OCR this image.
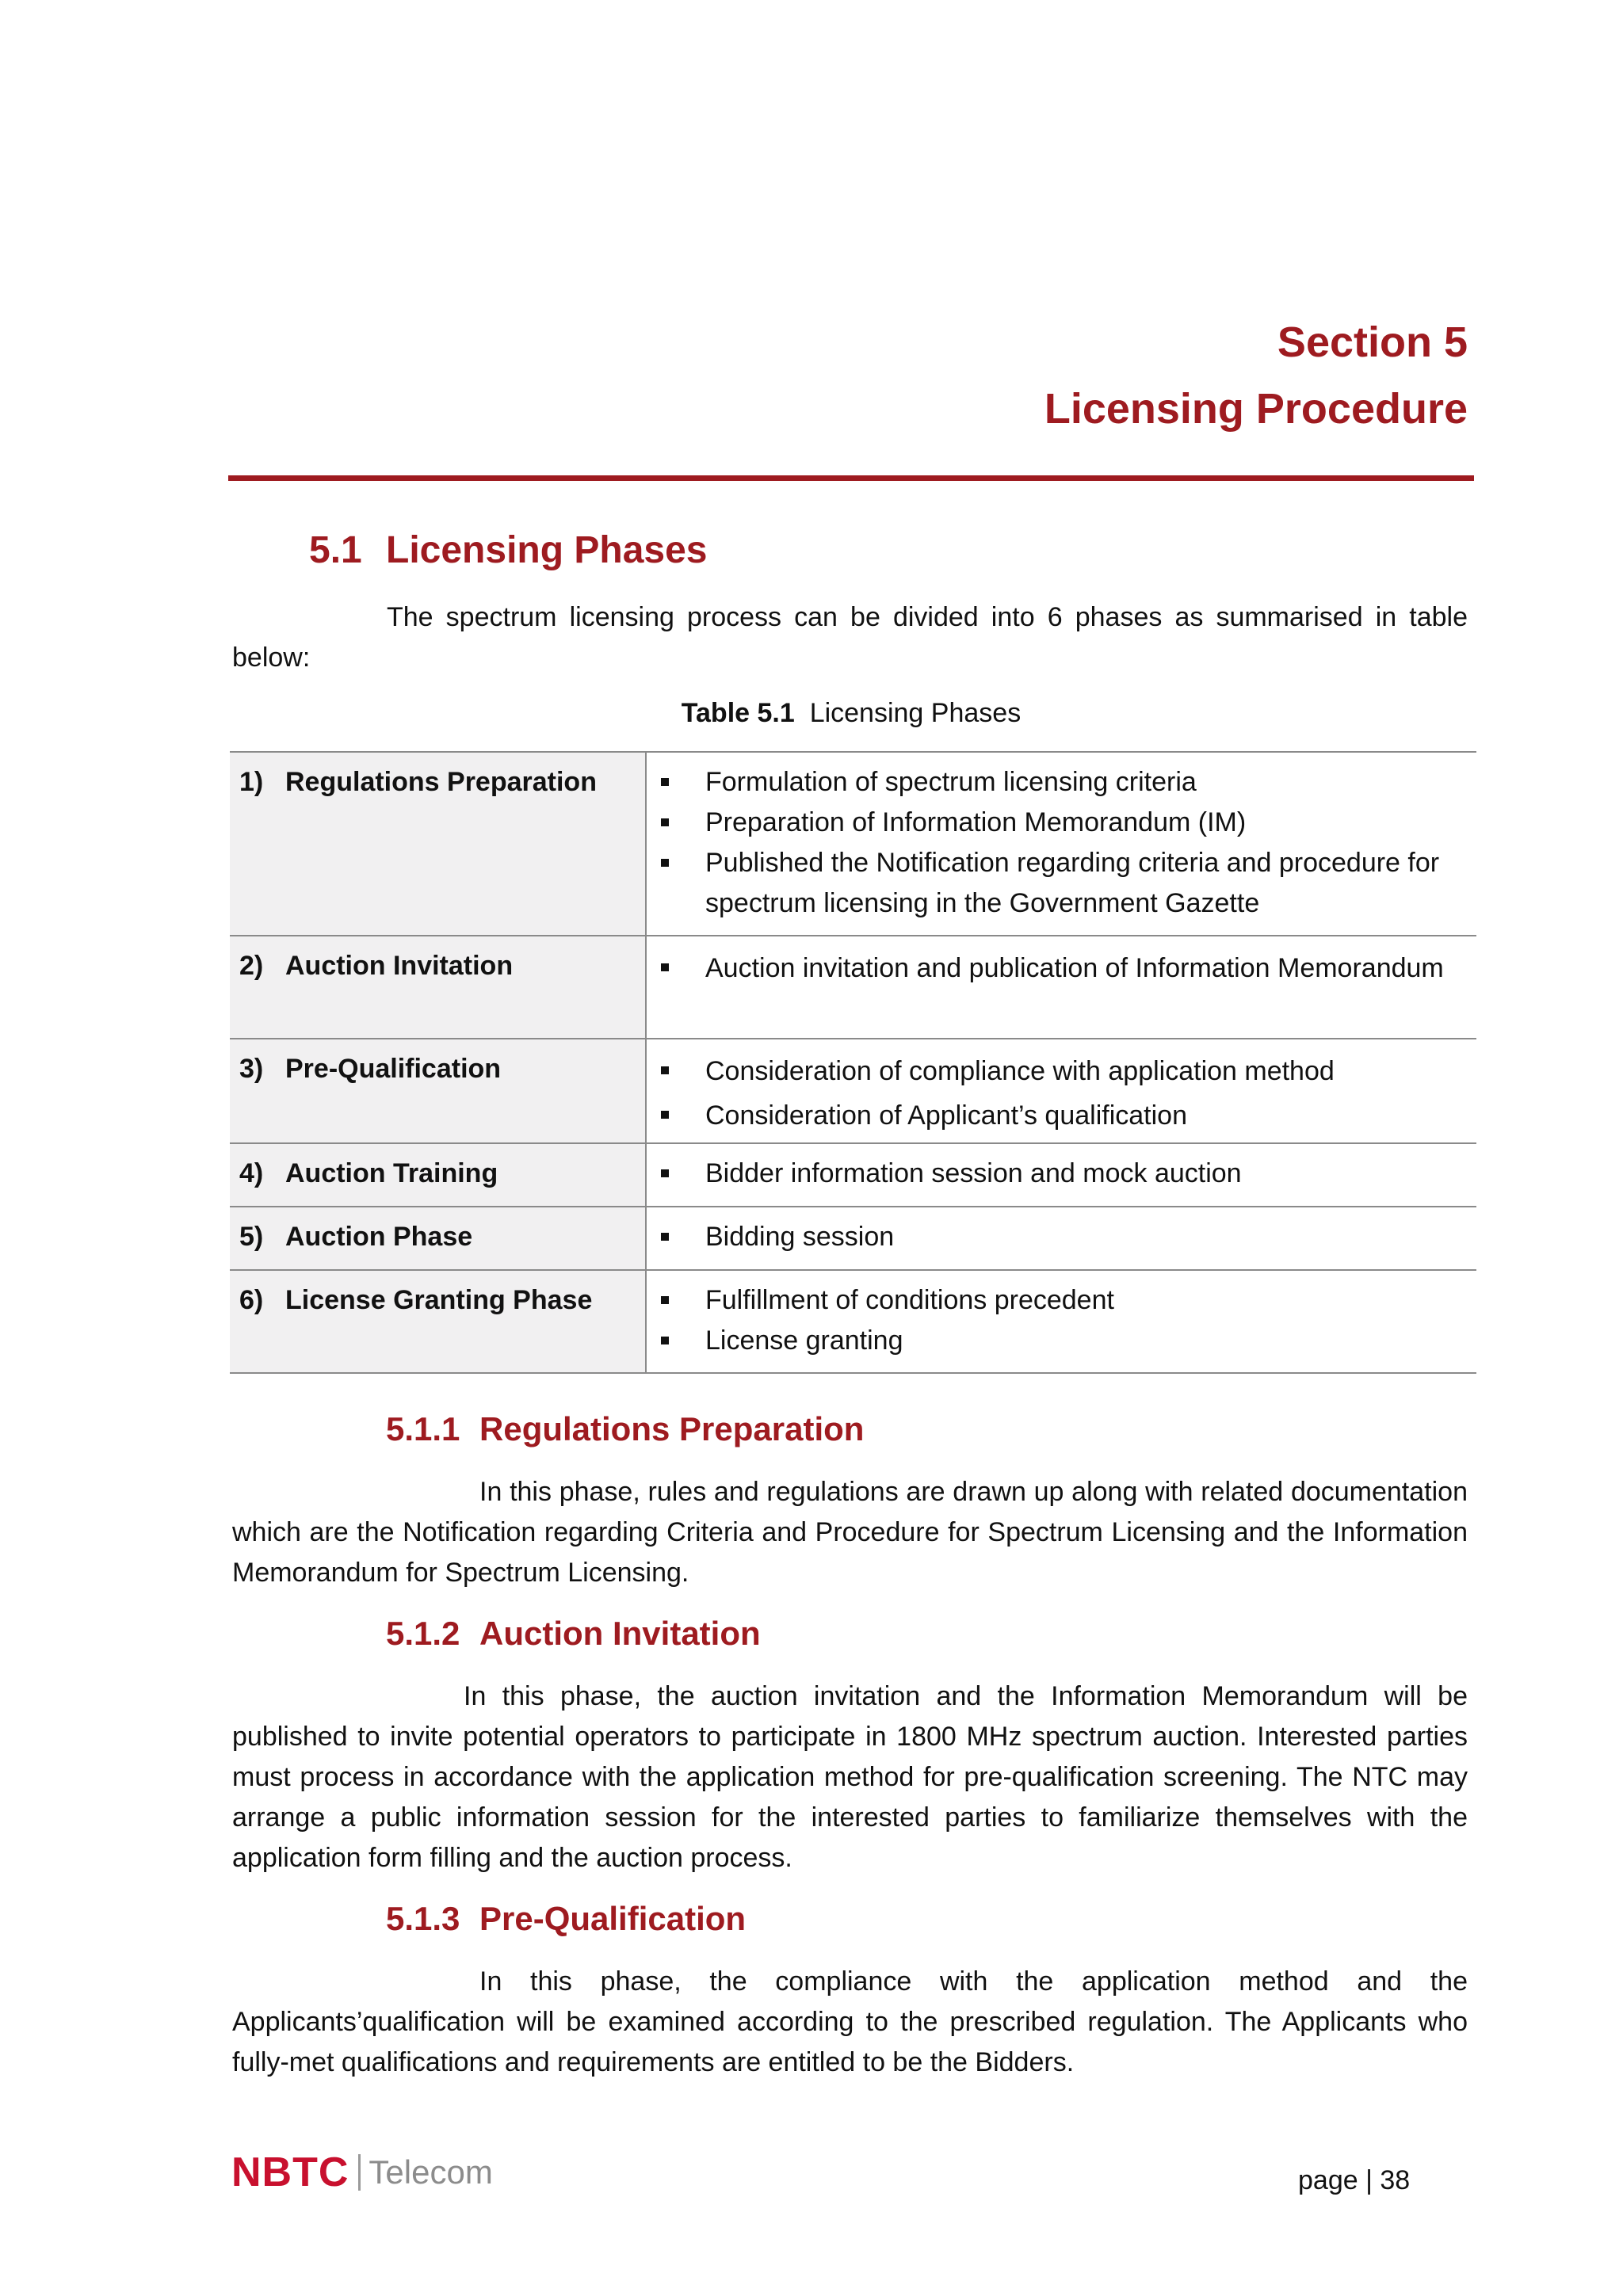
Section 5
Licensing Procedure
5.1 Licensing Phases
The spectrum licensing process can be divided into 6 phases as summarised in table below:
Table 5.1 Licensing Phases
1) Regulations Preparation	Formulation of spectrum licensing criteria
Preparation of Information Memorandum (IM)
Published the Notification regarding criteria and procedure for spectrum licensing in the Government Gazette

2) Auction Invitation	Auction invitation and publication of Information Memorandum

3) Pre-Qualification	Consideration of compliance with application method
Consideration of Applicant’s qualification

4) Auction Training	Bidder information session and mock auction

5) Auction Phase	Bidding session

6) License Granting Phase	Fulfillment of conditions precedent
License granting
5.1.1 Regulations Preparation
In this phase, rules and regulations are drawn up along with related documentation which are the Notification regarding Criteria and Procedure for Spectrum Licensing and the Information Memorandum for Spectrum Licensing.
5.1.2 Auction Invitation
In this phase, the auction invitation and the Information Memorandum will be published to invite potential operators to participate in 1800 MHz spectrum auction. Interested parties must process in accordance with the application method for pre-qualification screening. The NTC may arrange a public information session for the interested parties to familiarize themselves with the application form filling and the auction process.
5.1.3 Pre-Qualification
In this phase, the compliance with the application method and the Applicants’qualification will be examined according to the prescribed regulation. The Applicants who fully-met qualifications and requirements are entitled to be the Bidders.
NBTC Telecom	page | 38
